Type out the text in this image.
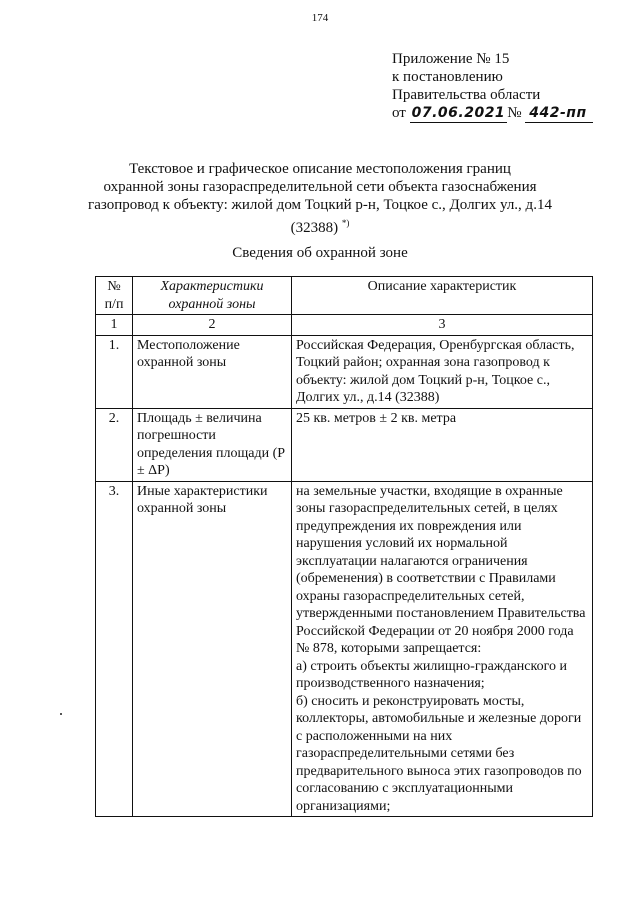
174
Приложение № 15
к постановлению
Правительства области
от 07.06.2021 № 442-пп
Текстовое и графическое описание местоположения границ
охранной зоны газораспределительной сети объекта газоснабжения
газопровод к объекту: жилой дом Тоцкий р-н, Тоцкое с., Долгих ул., д.14
(32388) *)
Сведения об охранной зоне
№ п/п	Характеристики охранной зоны	Описание характеристик
1	2	3
1.	Местоположение охранной зоны	Российская Федерация, Оренбургская область, Тоцкий район; охранная зона газопровод к объекту: жилой дом Тоцкий р-н, Тоцкое с., Долгих ул., д.14 (32388)
2.	Площадь ± величина погрешности определения площади (P ± ΔP)	25 кв. метров ± 2 кв. метра
3.	Иные характеристики охранной зоны	на земельные участки, входящие в охранные зоны газораспределительных сетей, в целях предупреждения их повреждения или нарушения условий их нормальной эксплуатации налагаются ограничения (обременения) в соответствии с Правилами охраны газораспределительных сетей, утвержденными постановлением Правительства Российской Федерации от 20 ноября 2000 года № 878, которыми запрещается:
а) строить объекты жилищно-гражданского и производственного назначения;
б) сносить и реконструировать мосты, коллекторы, автомобильные и железные дороги с расположенными на них газораспределительными сетями без предварительного выноса этих газопроводов по согласованию с эксплуатационными организациями;
